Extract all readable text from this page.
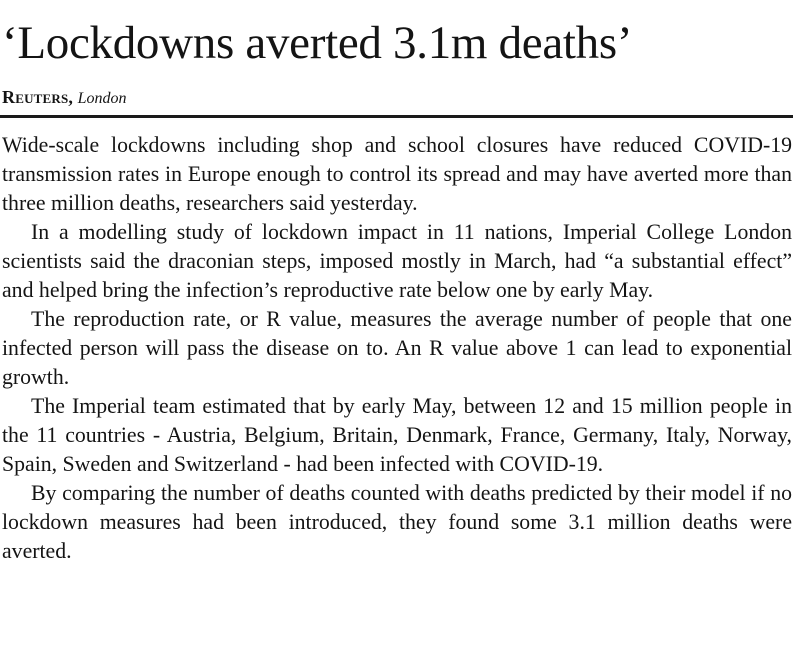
‘Lockdowns averted 3.1m deaths’
Reuters, London

Wide-scale lockdowns including shop and school closures have reduced COVID-19 transmission rates in Europe enough to control its spread and may have averted more than three million deaths, researchers said yesterday.

In a modelling study of lockdown impact in 11 nations, Imperial College London scientists said the draconian steps, imposed mostly in March, had “a substantial effect” and helped bring the infection’s reproductive rate below one by early May.

The reproduction rate, or R value, measures the average number of people that one infected person will pass the disease on to. An R value above 1 can lead to exponential growth.

The Imperial team estimated that by early May, between 12 and 15 million people in the 11 countries - Austria, Belgium, Britain, Denmark, France, Germany, Italy, Norway, Spain, Sweden and Switzerland - had been infected with COVID-19.

By comparing the number of deaths counted with deaths predicted by their model if no lockdown measures had been introduced, they found some 3.1 million deaths were averted.
